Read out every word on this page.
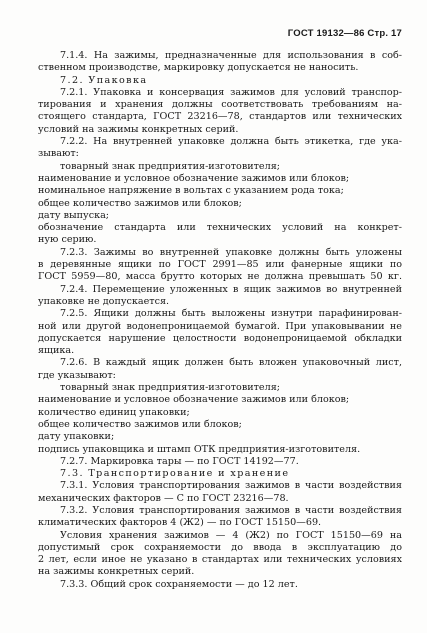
ГОСТ 19132—86 Стр. 17
7.1.4. На зажимы, предназначенные для использования в соб-
ственном производстве, маркировку допускается не наносить.
7.2. Упаковка
7.2.1. Упаковка и консервация зажимов для условий транспор-
тирования и хранения должны соответствовать требованиям на-
стоящего стандарта, ГОСТ 23216—78, стандартов или технических
условий на зажимы конкретных серий.
7.2.2. На внутренней упаковке должна быть этикетка, где ука-
зывают:
товарный знак предприятия-изготовителя;
наименование и условное обозначение зажимов или блоков;
номинальное напряжение в вольтах с указанием рода тока;
общее количество зажимов или блоков;
дату выпуска;
обозначение стандарта или технических условий на конкрет-
ную серию.
7.2.3. Зажимы во внутренней упаковке должны быть уложены
в деревянные ящики по ГОСТ 2991—85 или фанерные ящики по
ГОСТ 5959—80, масса брутто которых не должна превышать 50 кг.
7.2.4. Перемещение уложенных в ящик зажимов во внутренней
упаковке не допускается.
7.2.5. Ящики должны быть выложены изнутри парафинирован-
ной или другой водонепроницаемой бумагой. При упаковывании не
допускается нарушение целостности водонепроницаемой обкладки
ящика.
7.2.6. В каждый ящик должен быть вложен упаковочный лист,
где указывают:
товарный знак предприятия-изготовителя;
наименование и условное обозначение зажимов или блоков;
количество единиц упаковки;
общее количество зажимов или блоков;
дату упаковки;
подпись упаковщика и штамп ОТК предприятия-изготовителя.
7.2.7. Маркировка тары — по ГОСТ 14192—77.
7.3. Транспортирование и хранение
7.3.1. Условия транспортирования зажимов в части воздействия
механических факторов — С по ГОСТ 23216—78.
7.3.2. Условия транспортирования зажимов в части воздействия
климатических факторов 4 (Ж2) — по ГОСТ 15150—69.
Условия хранения зажимов — 4 (Ж2) по ГОСТ 15150—69 на
допустимый срок сохраняемости до ввода в эксплуатацию до
2 лет, если иное не указано в стандартах или технических условиях
на зажимы конкретных серий.
7.3.3. Общий срок сохраняемости — до 12 лет.
